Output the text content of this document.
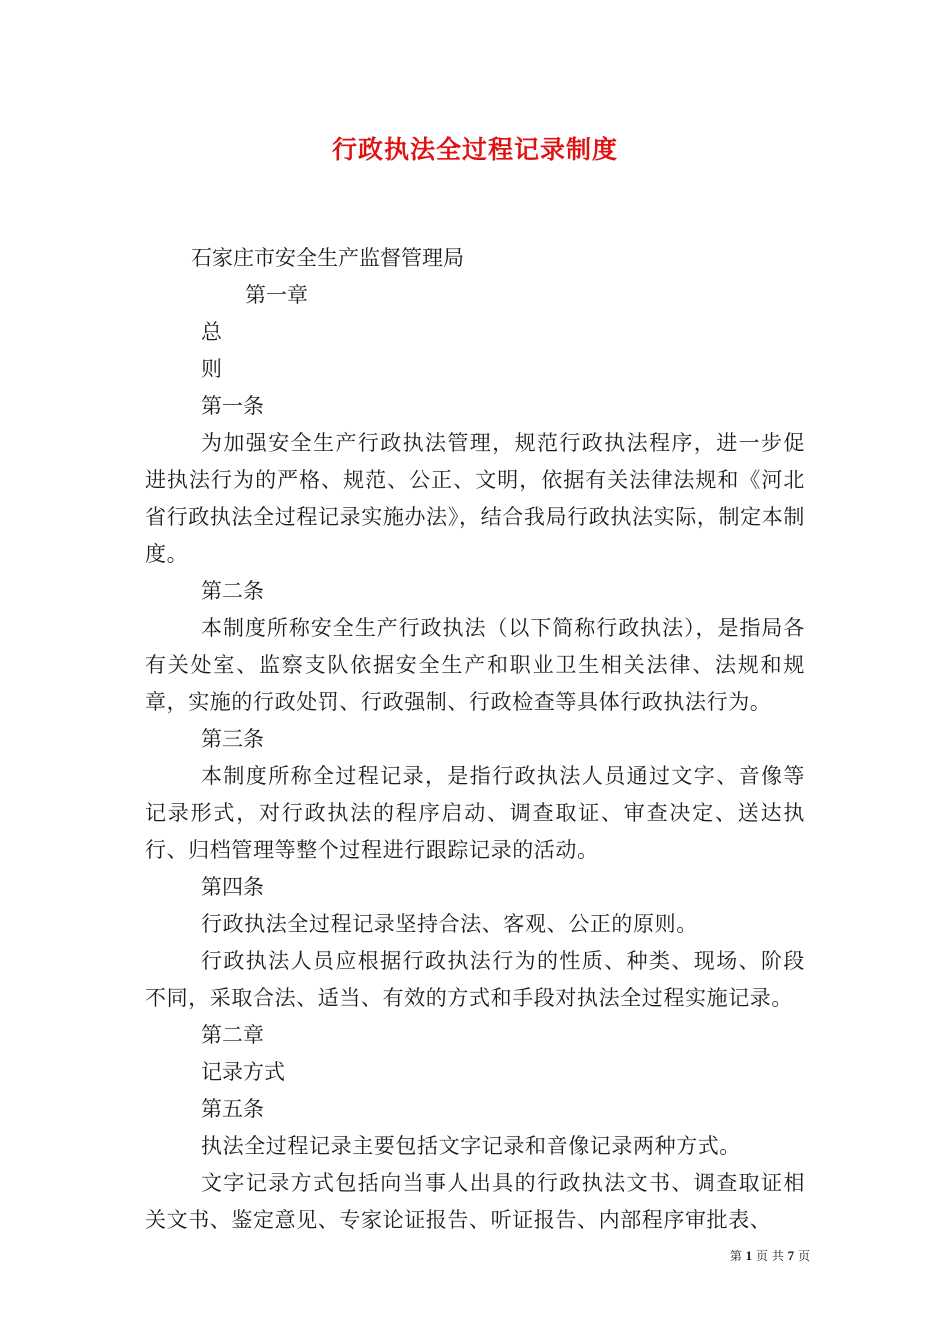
行政执法全过程记录制度

石家庄市安全生产监督管理局

第一章

总

则

第一条

为加强安全生产行政执法管理，规范行政执法程序，进一步促进执法行为的严格、规范、公正、文明，依据有关法律法规和《河北省行政执法全过程记录实施办法》，结合我局行政执法实际，制定本制度。

第二条

本制度所称安全生产行政执法（以下简称行政执法），是指局各有关处室、监察支队依据安全生产和职业卫生相关法律、法规和规章，实施的行政处罚、行政强制、行政检查等具体行政执法行为。

第三条

本制度所称全过程记录，是指行政执法人员通过文字、音像等记录形式，对行政执法的程序启动、调查取证、审查决定、送达执行、归档管理等整个过程进行跟踪记录的活动。

第四条

行政执法全过程记录坚持合法、客观、公正的原则。

行政执法人员应根据行政执法行为的性质、种类、现场、阶段不同，采取合法、适当、有效的方式和手段对执法全过程实施记录。

第二章

记录方式

第五条

执法全过程记录主要包括文字记录和音像记录两种方式。

文字记录方式包括向当事人出具的行政执法文书、调查取证相关文书、鉴定意见、专家论证报告、听证报告、内部程序审批表、

第 1 页 共 7 页
